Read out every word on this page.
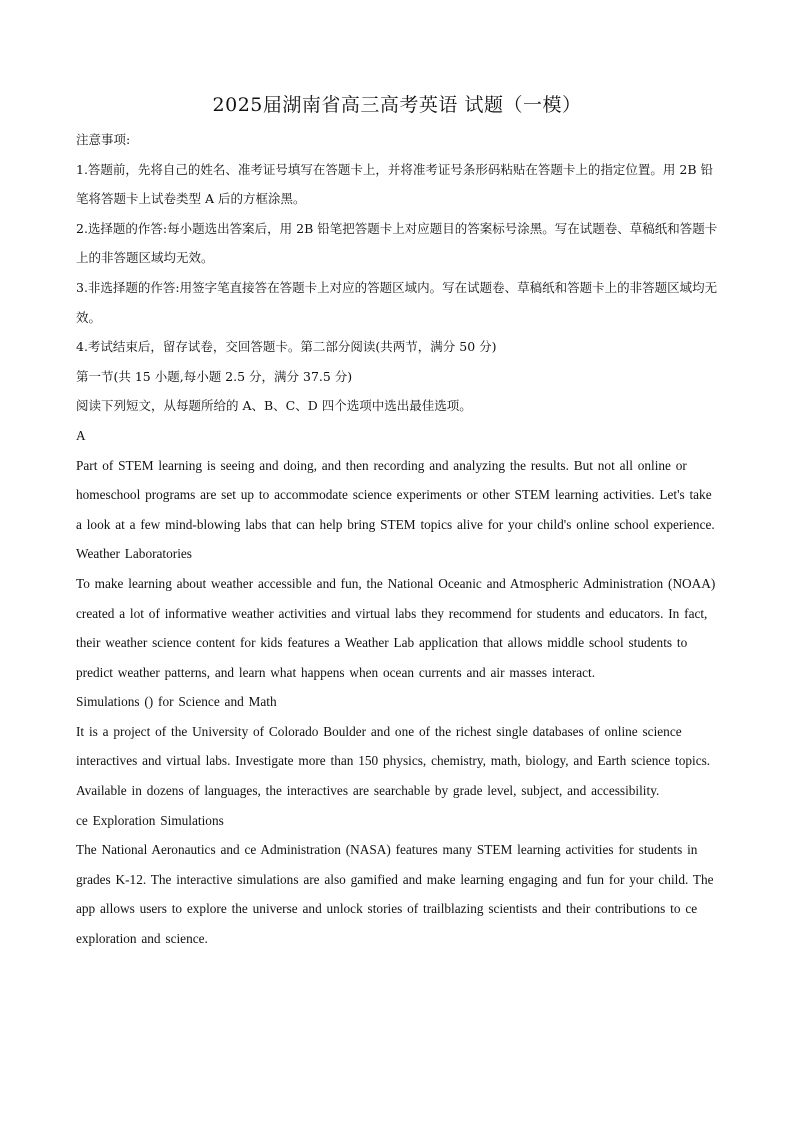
2025届湖南省高三高考英语 试题（一模）

注意事项:

1.答题前，先将自己的姓名、准考证号填写在答题卡上，并将准考证号条形码粘贴在答题卡上的指定位置。用 2B 铅笔将答题卡上试卷类型 A 后的方框涂黑。

2.选择题的作答:每小题选出答案后，用 2B 铅笔把答题卡上对应题目的答案标号涂黑。写在试题卷、草稿纸和答题卡上的非答题区域均无效。

3.非选择题的作答:用签字笔直接答在答题卡上对应的答题区域内。写在试题卷、草稿纸和答题卡上的非答题区域均无效。

4.考试结束后，留存试卷，交回答题卡。第二部分阅读(共两节，满分 50 分)

第一节(共 15 小题,每小题 2.5 分，满分 37.5 分)

阅读下列短文，从每题所给的 A、B、C、D 四个选项中选出最佳选项。

A

Part of STEM learning is seeing and doing, and then recording and analyzing the results. But not all online or homeschool programs are set up to accommodate science experiments or other STEM learning activities. Let's take a look at a few mind-blowing labs that can help bring STEM topics alive for your child's online school experience.

Weather Laboratories

To make learning about weather accessible and fun, the National Oceanic and Atmospheric Administration (NOAA) created a lot of informative weather activities and virtual labs they recommend for students and educators. In fact, their weather science content for kids features a Weather Lab application that allows middle school students to predict weather patterns, and learn what happens when ocean currents and air masses interact.

Simulations () for Science and Math

It is a project of the University of Colorado Boulder and one of the richest single databases of online science interactives and virtual labs. Investigate more than 150 physics, chemistry, math, biology, and Earth science topics. Available in dozens of languages, the interactives are searchable by grade level, subject, and accessibility.

ce Exploration Simulations

The National Aeronautics and ce Administration (NASA) features many STEM learning activities for students in grades K-12. The interactive simulations are also gamified and make learning engaging and fun for your child. The app allows users to explore the universe and unlock stories of trailblazing scientists and their contributions to ce exploration and science.
